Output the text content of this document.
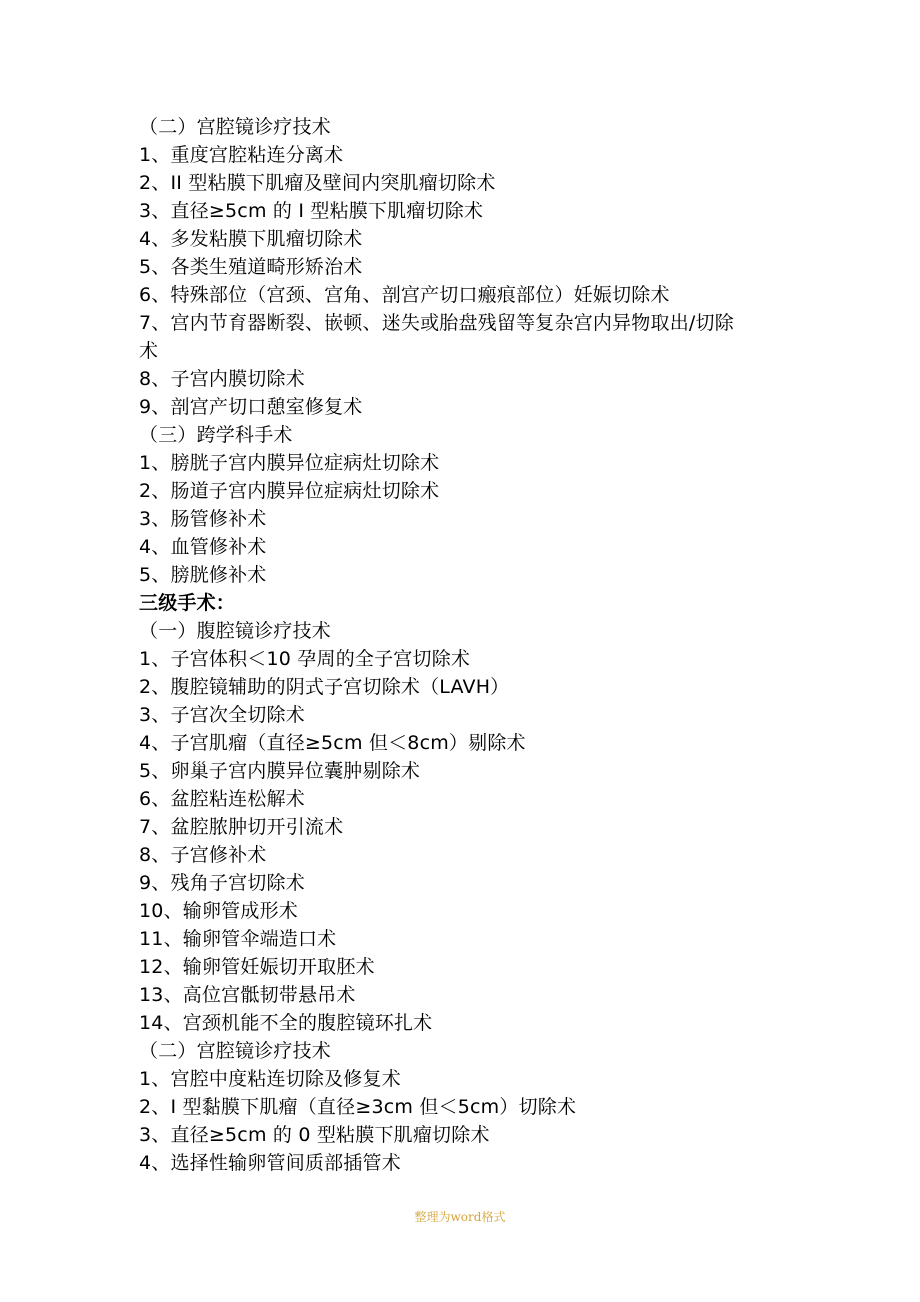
（二）宫腔镜诊疗技术
1、重度宫腔粘连分离术
2、II 型粘膜下肌瘤及壁间内突肌瘤切除术
3、直径≥5cm 的 I 型粘膜下肌瘤切除术
4、多发粘膜下肌瘤切除术
5、各类生殖道畸形矫治术
6、特殊部位（宫颈、宫角、剖宫产切口瘢痕部位）妊娠切除术
7、宫内节育器断裂、嵌顿、迷失或胎盘残留等复杂宫内异物取出/切除术
8、子宫内膜切除术
9、剖宫产切口憩室修复术
（三）跨学科手术
1、膀胱子宫内膜异位症病灶切除术
2、肠道子宫内膜异位症病灶切除术
3、肠管修补术
4、血管修补术
5、膀胱修补术
三级手术：
（一）腹腔镜诊疗技术
1、子宫体积＜10 孕周的全子宫切除术
2、腹腔镜辅助的阴式子宫切除术（LAVH）
3、子宫次全切除术
4、子宫肌瘤（直径≥5cm 但＜8cm）剔除术
5、卵巢子宫内膜异位囊肿剔除术
6、盆腔粘连松解术
7、盆腔脓肿切开引流术
8、子宫修补术
9、残角子宫切除术
10、输卵管成形术
11、输卵管伞端造口术
12、输卵管妊娠切开取胚术
13、高位宫骶韧带悬吊术
14、宫颈机能不全的腹腔镜环扎术
（二）宫腔镜诊疗技术
1、宫腔中度粘连切除及修复术
2、I 型黏膜下肌瘤（直径≥3cm 但＜5cm）切除术
3、直径≥5cm 的 0 型粘膜下肌瘤切除术
4、选择性输卵管间质部插管术
整理为word格式
